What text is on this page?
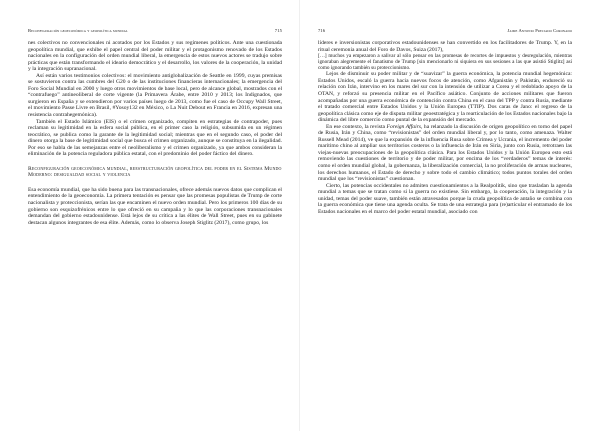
Reconfiguración geoeconómica y geopolítica mundial	715

nes colectivos no convencionales ni acotados por los Estados y sus regímenes políticos. Ante una cuestionada geopolítica mundial, que exhibe el papel central del poder militar y el protagonismo renovado de los Estados nacionales en la configuración del orden mundial liberal, la emergencia de estos nuevos actores se tradujo sobre prácticas que están transformando el ideario democrático y el desarrollo, los valores de la cooperación, la unidad y la integración supranacional.

Así están varios testimonios colectivos: el movimiento antiglobalización de Seattle en 1999, cuyas premisas se sostuvieron contra las cumbres del G20 o de las instituciones financieras internacionales; la emergencia del Foro Social Mundial en 2000 y luego otros movimientos de base local, pero de alcance global, mostrados con el “contrafuego” antineoliberal de corte vigente (la Primavera Árabe, entre 2010 y 2013; los Indignados, que surgieron en España y se extendieron por varios países luego de 2013, como fue el caso de Occupy Wall Street, el movimiento Passe Livre en Brasil, #Yosoy132 en México, o La Nuit Debout en Francia en 2016, expresan una resistencia contrahegemónica).

También el Estado Islámico (EIS) o el crimen organizado, compiten en estrategias de contrapoder, pues reclaman su legitimidad en la esfera social pública, en el primer caso la religión, subsumida en un régimen teocrático, se publica como la garante de la legitimidad social; mientras que en el segundo caso, el poder del dinero otorga la base de legitimidad social que busca el crimen organizado, aunque se constituya en la ilegalidad. Por eso se habla de las semejanzas entre el neoliberalismo y el crimen organizado, ya que ambos consideran la eliminación de la potencia reguladora pública estatal, con el predominio del poder fáctico del dinero.

Reconfiguración geoeconómica mundial, reestructuración geopolítica del poder en el Sistema Mundo Moderno: desigualdad social y violencia

Esa economía mundial, que ha sido buena para las transnacionales, ofrece además nuevos datos que complican el entendimiento de la geoeconomía. La primera tentación es pensar que las promesas populistas de Trump de corte nacionalista y proteccionista, serían las que encaminen el nuevo orden mundial. Pero los primeros 100 días de su gobierno son esquizofrénicos entre lo que ofreció en su campaña y lo que las corporaciones transnacionales demandan del gobierno estadounidense. Está lejos de su crítica a las élites de Wall Street, pues en su gabinete destacan algunos integrantes de esa élite. Además, como lo observa Joseph Stiglitz (2017), como grupo, los

716	Jaime Antonio Preciado Coronado

líderes e inversionistas corporativos estadounidenses se han convertido en los facilitadores de Trump. Y, en la ritual ceremonia anual del Foro de Davos, Suiza (2017),

[…] muchos ya empezaron a salivar al sólo pensar en las promesas de recortes de impuestos y desregulación, mientras ignoraban alegremente el fanatismo de Trump [sin mencionarlo ni siquiera en sus sesiones a las que asistió Stiglitz] así como ignorando también su proteccionismo.

Lejos de disminuir su poder militar y de “suavizar” la guerra económica, la potencia mundial hegemónica: Estados Unidos, escaló la guerra hacia nuevos focos de atención, como Afganistán y Pakistán, endureció su relación con Irán, intervino en los mares del sur con la intensión de utilizar a Corea y el redoblado apoyo de la OTAN, y reforzó su presencia militar en el Pacífico asiático. Conjunto de acciones militares que fueron acompañadas por una guerra económica de contención contra China en el caso del TPP y contra Rusia, mediante el tratado comercial entre Estados Unidos y la Unión Europea (TTIP). Dos caras de Jano: el regreso de la geopolítica clásica como eje de disputa militar geoestratégica y la rearticulación de los Estados nacionales bajo la dinámica del libre comercio como puntal de la expansión del mercado.

En ese contexto, la revista Foreign Affairs, ha relanzado la discusión de origen geopolítico en torno del papel de Rusia, Irán y China, como “revisionistas” del orden mundial liberal y, por lo tanto, como amenaza. Walter Russell Mead (2014), ve que la expansión de la influencia Rusa sobre Crimea y Ucrania, el incremento del poder marítimo chino al ampliar sus territorios costeros o la influencia de Irán en Siria, junto con Rusia, retrotraen las viejas-nuevas preocupaciones de la geopolítica clásica. Para los Estados Unidos y la Unión Europea esto está removiendo las cuestiones de territorio y de poder militar, por encima de los “verdaderos” temas de interés: como el orden mundial global, la gobernanza, la liberalización comercial, la no proliferación de armas nucleares, los derechos humanos, el Estado de derecho y sobre todo el cambio climático; todos puntos torales del orden mundial que los “revisionistas” cuestionan.

Cierto, las potencias occidentales no admiten cuestionamientos a la Realpolitik, sino que trasladan la agenda mundial a temas que se tratan como si la guerra no existiese. Sin embargo, la cooperación, la integración y la unidad, temas del poder suave, también están atravesados porque la cruda geopolítica de antaño se combina con la guerra económica que tiene una agenda oculta. Se trata de una estrategia para (re)articular el entramado de los Estados nacionales en el marco del poder estatal mundial, asociado con
